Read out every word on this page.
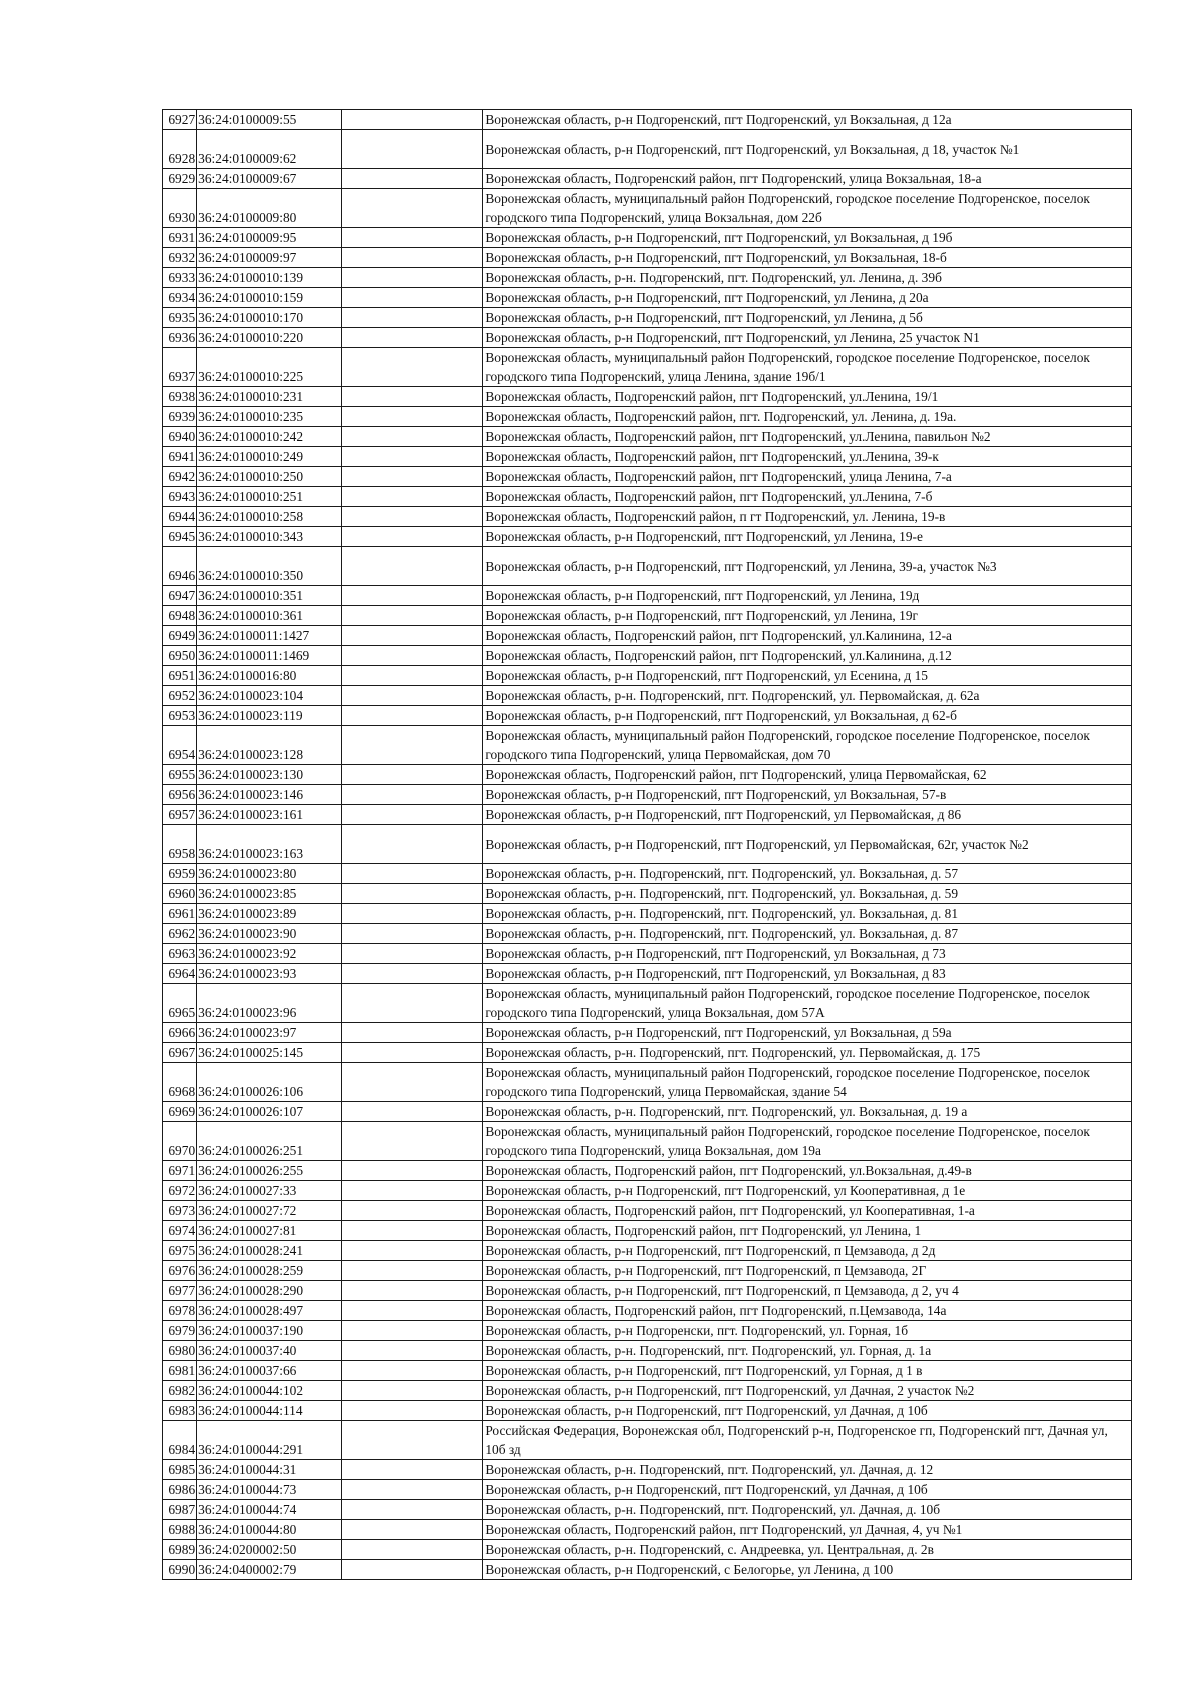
6927	36:24:0100009:55		Воронежская область, р-н Подгоренский, пгт Подгоренский, ул Вокзальная, д 12а
6928	36:24:0100009:62		Воронежская область, р-н Подгоренский, пгт Подгоренский, ул Вокзальная, д 18, участок №1
6929	36:24:0100009:67		Воронежская область, Подгоренский район, пгт Подгоренский, улица Вокзальная, 18-а
6930	36:24:0100009:80		Воронежская область, муниципальный район Подгоренский, городское поселение Подгоренское, поселок городского типа Подгоренский, улица Вокзальная, дом 22б
6931	36:24:0100009:95		Воронежская область, р-н Подгоренский, пгт Подгоренский, ул Вокзальная, д 19б
6932	36:24:0100009:97		Воронежская область, р-н Подгоренский, пгт Подгоренский, ул Вокзальная, 18-б
6933	36:24:0100010:139		Воронежская область, р-н. Подгоренский, пгт. Подгоренский, ул. Ленина, д. 39б
6934	36:24:0100010:159		Воронежская область, р-н Подгоренский, пгт Подгоренский, ул Ленина, д 20а
6935	36:24:0100010:170		Воронежская область, р-н Подгоренский, пгт Подгоренский, ул Ленина, д 5б
6936	36:24:0100010:220		Воронежская область, р-н Подгоренский, пгт Подгоренский, ул Ленина, 25 участок N1
6937	36:24:0100010:225		Воронежская область, муниципальный район Подгоренский, городское поселение Подгоренское, поселок городского типа Подгоренский, улица Ленина, здание 19б/1
6938	36:24:0100010:231		Воронежская область, Подгоренский район, пгт Подгоренский, ул.Ленина, 19/1
6939	36:24:0100010:235		Воронежская область, Подгоренский район, пгт. Подгоренский, ул. Ленина, д. 19а.
6940	36:24:0100010:242		Воронежская область, Подгоренский район, пгт Подгоренский, ул.Ленина, павильон №2
6941	36:24:0100010:249		Воронежская область, Подгоренский район, пгт Подгоренский, ул.Ленина, 39-к
6942	36:24:0100010:250		Воронежская область, Подгоренский район, пгт Подгоренский, улица Ленина, 7-а
6943	36:24:0100010:251		Воронежская область, Подгоренский район, пгт Подгоренский, ул.Ленина, 7-б
6944	36:24:0100010:258		Воронежская область, Подгоренский район, п гт Подгоренский, ул. Ленина, 19-в
6945	36:24:0100010:343		Воронежская область, р-н Подгоренский, пгт Подгоренский, ул Ленина, 19-е
6946	36:24:0100010:350		Воронежская область, р-н Подгоренский, пгт Подгоренский, ул Ленина, 39-а, участок №3
6947	36:24:0100010:351		Воронежская область, р-н Подгоренский, пгт Подгоренский, ул Ленина, 19д
6948	36:24:0100010:361		Воронежская область, р-н Подгоренский, пгт Подгоренский, ул Ленина, 19г
6949	36:24:0100011:1427		Воронежская область, Подгоренский район, пгт Подгоренский, ул.Калинина, 12-а
6950	36:24:0100011:1469		Воронежская область, Подгоренский район, пгт Подгоренский, ул.Калинина, д.12
6951	36:24:0100016:80		Воронежская область, р-н Подгоренский, пгт Подгоренский, ул Есенина, д 15
6952	36:24:0100023:104		Воронежская область, р-н. Подгоренский, пгт. Подгоренский, ул. Первомайская, д. 62а
6953	36:24:0100023:119		Воронежская область, р-н Подгоренский, пгт Подгоренский, ул Вокзальная, д 62-б
6954	36:24:0100023:128		Воронежская область, муниципальный район Подгоренский, городское поселение Подгоренское, поселок городского типа Подгоренский, улица Первомайская, дом 70
6955	36:24:0100023:130		Воронежская область, Подгоренский район, пгт Подгоренский, улица Первомайская, 62
6956	36:24:0100023:146		Воронежская область, р-н Подгоренский, пгт Подгоренский, ул Вокзальная, 57-в
6957	36:24:0100023:161		Воронежская область, р-н Подгоренский, пгт Подгоренский, ул Первомайская, д 86
6958	36:24:0100023:163		Воронежская область, р-н Подгоренский, пгт Подгоренский, ул Первомайская, 62г, участок №2
6959	36:24:0100023:80		Воронежская область, р-н. Подгоренский, пгт. Подгоренский, ул. Вокзальная, д. 57
6960	36:24:0100023:85		Воронежская область, р-н. Подгоренский, пгт. Подгоренский, ул. Вокзальная, д. 59
6961	36:24:0100023:89		Воронежская область, р-н. Подгоренский, пгт. Подгоренский, ул. Вокзальная, д. 81
6962	36:24:0100023:90		Воронежская область, р-н. Подгоренский, пгт. Подгоренский, ул. Вокзальная, д. 87
6963	36:24:0100023:92		Воронежская область, р-н Подгоренский, пгт Подгоренский, ул Вокзальная, д 73
6964	36:24:0100023:93		Воронежская область, р-н Подгоренский, пгт Подгоренский, ул Вокзальная, д 83
6965	36:24:0100023:96		Воронежская область, муниципальный район Подгоренский, городское поселение Подгоренское, поселок городского типа Подгоренский, улица Вокзальная, дом 57А
6966	36:24:0100023:97		Воронежская область, р-н Подгоренский, пгт Подгоренский, ул Вокзальная, д 59а
6967	36:24:0100025:145		Воронежская область, р-н. Подгоренский, пгт. Подгоренский, ул. Первомайская, д. 175
6968	36:24:0100026:106		Воронежская область, муниципальный район Подгоренский, городское поселение Подгоренское, поселок городского типа Подгоренский, улица Первомайская, здание 54
6969	36:24:0100026:107		Воронежская область, р-н. Подгоренский, пгт. Подгоренский, ул. Вокзальная, д. 19 а
6970	36:24:0100026:251		Воронежская область, муниципальный район Подгоренский, городское поселение Подгоренское, поселок городского типа Подгоренский, улица Вокзальная, дом 19а
6971	36:24:0100026:255		Воронежская область, Подгоренский район, пгт Подгоренский, ул.Вокзальная, д.49-в
6972	36:24:0100027:33		Воронежская область, р-н Подгоренский, пгт Подгоренский, ул Кооперативная, д 1е
6973	36:24:0100027:72		Воронежская область, Подгоренский район, пгт Подгоренский, ул Кооперативная, 1-а
6974	36:24:0100027:81		Воронежская область, Подгоренский район, пгт Подгоренский, ул Ленина, 1
6975	36:24:0100028:241		Воронежская область, р-н Подгоренский, пгт Подгоренский, п Цемзавода, д 2д
6976	36:24:0100028:259		Воронежская область, р-н Подгоренский, пгт Подгоренский, п Цемзавода, 2Г
6977	36:24:0100028:290		Воронежская область, р-н Подгоренский, пгт Подгоренский, п Цемзавода, д 2, уч 4
6978	36:24:0100028:497		Воронежская область, Подгоренский район, пгт Подгоренский, п.Цемзавода, 14а
6979	36:24:0100037:190		Воронежская область, р-н Подгоренски, пгт. Подгоренский, ул. Горная, 1б
6980	36:24:0100037:40		Воронежская область, р-н. Подгоренский, пгт. Подгоренский, ул. Горная, д. 1а
6981	36:24:0100037:66		Воронежская область, р-н Подгоренский, пгт Подгоренский, ул Горная, д 1 в
6982	36:24:0100044:102		Воронежская область, р-н Подгоренский, пгт Подгоренский, ул Дачная, 2 участок №2
6983	36:24:0100044:114		Воронежская область, р-н Подгоренский, пгт Подгоренский, ул Дачная, д 10б
6984	36:24:0100044:291		Российская Федерация, Воронежская обл, Подгоренский р-н, Подгоренское гп, Подгоренский пгт, Дачная ул, 10б зд
6985	36:24:0100044:31		Воронежская область, р-н. Подгоренский, пгт. Подгоренский, ул. Дачная, д. 12
6986	36:24:0100044:73		Воронежская область, р-н Подгоренский, пгт Подгоренский, ул Дачная, д 10б
6987	36:24:0100044:74		Воронежская область, р-н. Подгоренский, пгт. Подгоренский, ул. Дачная, д. 10б
6988	36:24:0100044:80		Воронежская область, Подгоренский район, пгт Подгоренский, ул Дачная, 4, уч №1
6989	36:24:0200002:50		Воронежская область, р-н. Подгоренский, с. Андреевка, ул. Центральная, д. 2в
6990	36:24:0400002:79		Воронежская область, р-н Подгоренский, с Белогорье, ул Ленина, д 100
